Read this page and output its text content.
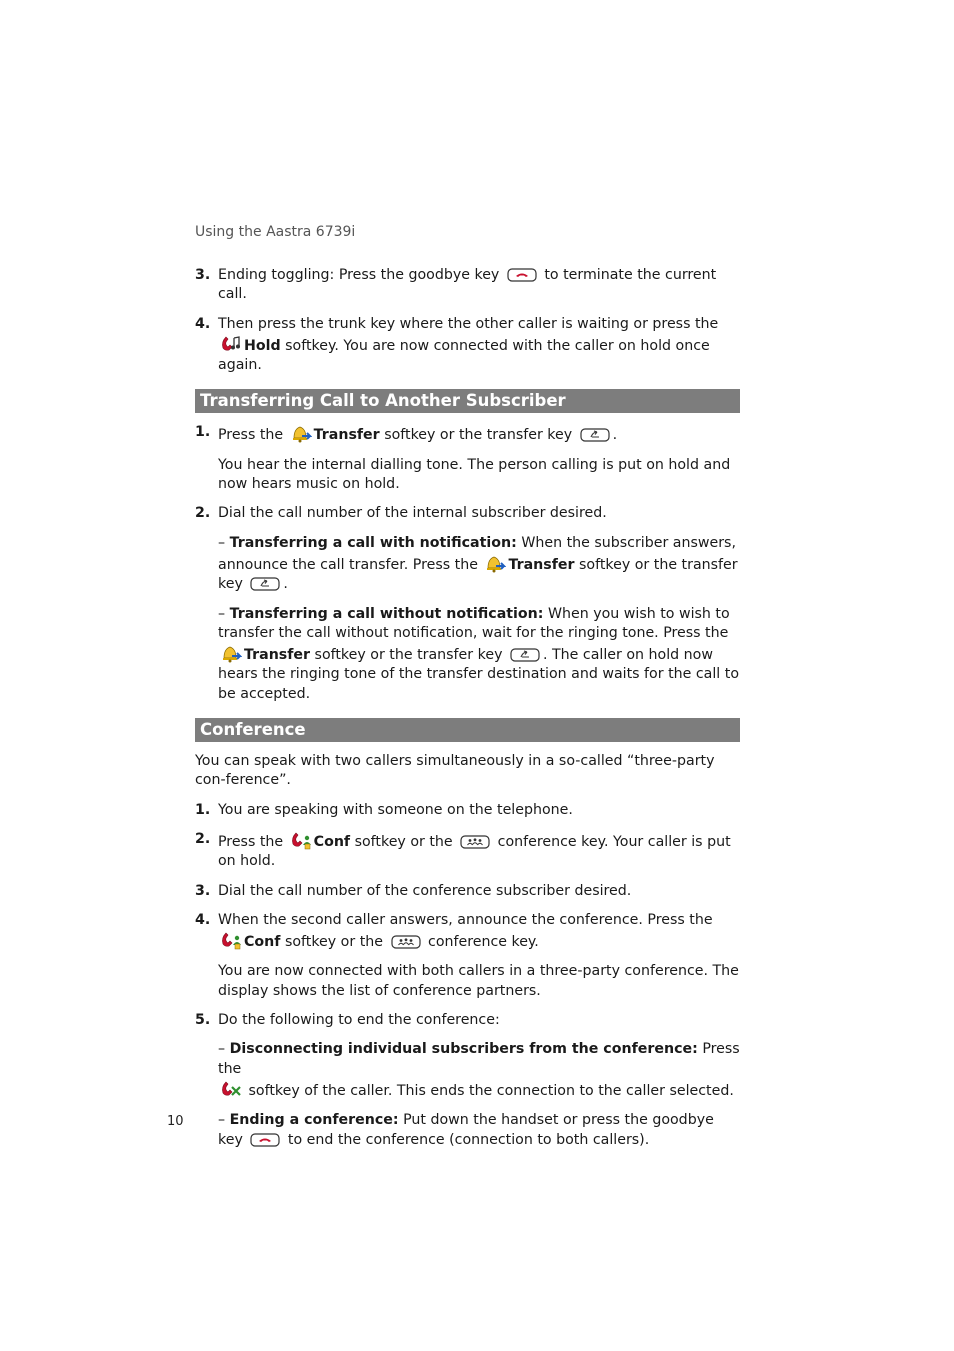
Using the Aastra 6739i
3. Ending toggling: Press the goodbye key	to terminate the current call.
4. Then press the trunk key where the other caller is waiting or press the

Hold softkey. You are now connected with the caller on hold once again.
Transferring Call to Another Subscriber
1. Press the Transfer softkey or the transfer key	.
You hear the internal dialling tone. The person calling is put on hold and now hears music on hold.
2. Dial the call number of the internal subscriber desired.
– Transferring a call with notification: When the subscriber answers, announce the call transfer. Press the Transfer softkey or the transfer key	.
– Transferring a call without notification: When you wish to wish to transfer the call without notification, wait for the ringing tone. Press the

Transfer softkey or the transfer key	. The caller on hold now hears the ringing tone of the transfer destination and waits for the call to be accepted.
Conference
You can speak with two callers simultaneously in a so-called “three-party con-ference”.
1. You are speaking with someone on the telephone.
2. Press the Conf softkey or the	conference key. Your caller is put on hold.
3. Dial the call number of the conference subscriber desired.
4. When the second caller answers, announce the conference. Press the

Conf softkey or the	conference key.
You are now connected with both callers in a three-party conference. The display shows the list of conference partners.
5. Do the following to end the conference:
– Disconnecting individual subscribers from the conference: Press the

softkey of the caller. This ends the connection to the caller selected.
– Ending a conference: Put down the handset or press the goodbye key	to end the conference (connection to both callers).
10
